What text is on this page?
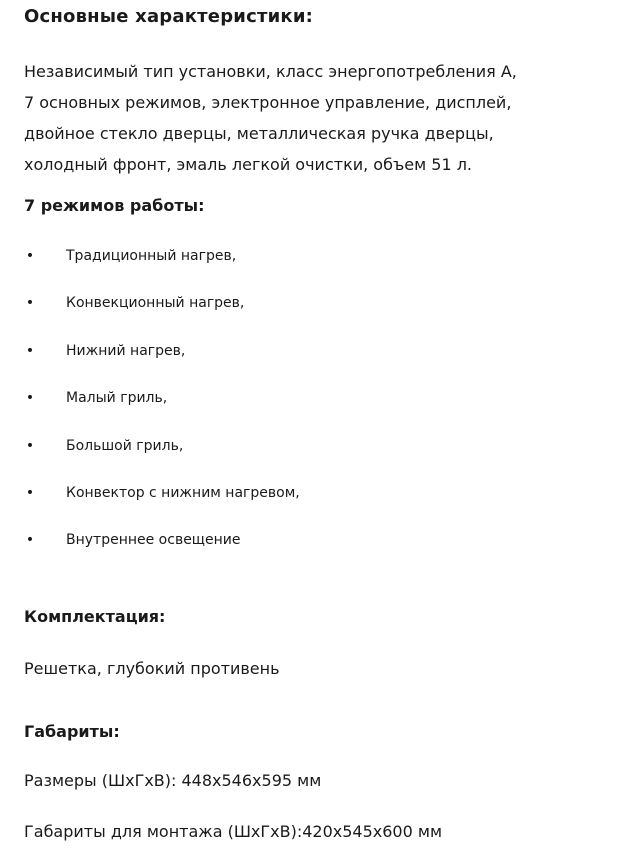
Основные характеристики:
Независимый тип установки, класс энергопотребления А,
7 основных режимов, электронное управление, дисплей,
двойное стекло дверцы, металлическая ручка дверцы,
холодный фронт, эмаль легкой очистки, объем 51 л.
7 режимов работы:
• Традиционный нагрев,
• Конвекционный нагрев,
• Нижний нагрев,
• Малый гриль,
• Большой гриль,
• Конвектор с нижним нагревом,
• Внутреннее освещение
Комплектация:
Решетка, глубокий противень
Габариты:
Размеры (ШхГхВ): 448х546х595 мм
Габариты для монтажа (ШхГхВ):420х545х600 мм
